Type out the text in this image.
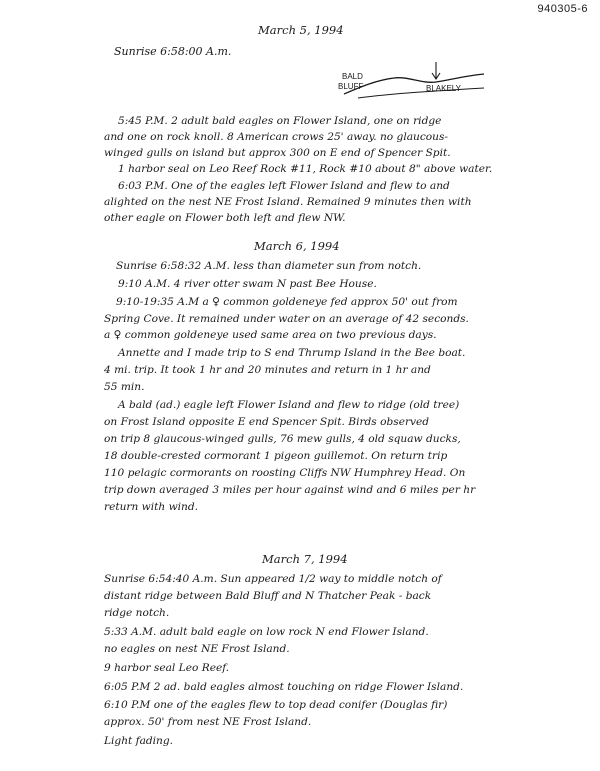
940305-6
March 5, 1994
Sunrise 6:58:00 A.m.
BALD
BLUFF	BLAKELY
5:45 P.M. 2 adult bald eagles on Flower Island, one on ridge
and one on rock knoll. 8 American crows 25' away. no glaucous-
winged gulls on island but approx 300 on E end of Spencer Spit.
1 harbor seal on Leo Reef Rock #11, Rock #10 about 8" above water.
6:03 P.M. One of the eagles left Flower Island and flew to and
alighted on the nest NE Frost Island. Remained 9 minutes then with
other eagle on Flower both left and flew NW.
March 6, 1994
Sunrise 6:58:32 A.M. less than diameter sun from notch.
9:10 A.M. 4 river otter swam N past Bee House.
9:10-19:35 A.M a ♀ common goldeneye fed approx 50' out from
Spring Cove. It remained under water on an average of 42 seconds.
a ♀ common goldeneye used same area on two previous days.
Annette and I made trip to S end Thrump Island in the Bee boat.
4 mi. trip. It took 1 hr and 20 minutes and return in 1 hr and
55 min.
A bald (ad.) eagle left Flower Island and flew to ridge (old tree)
on Frost Island opposite E end Spencer Spit. Birds observed
on trip 8 glaucous-winged gulls, 76 mew gulls, 4 old squaw ducks,
18 double-crested cormorant 1 pigeon guillemot. On return trip
110 pelagic cormorants on roosting Cliffs NW Humphrey Head. On
trip down averaged 3 miles per hour against wind and 6 miles per hr
return with wind.
March 7, 1994
Sunrise 6:54:40 A.m. Sun appeared 1/2 way to middle notch of
distant ridge between Bald Bluff and N Thatcher Peak - back
ridge notch.
5:33 A.M. adult bald eagle on low rock N end Flower Island.
no eagles on nest NE Frost Island.
9 harbor seal Leo Reef.
6:05 P.M 2 ad. bald eagles almost touching on ridge Flower Island.
6:10 P.M one of the eagles flew to top dead conifer (Douglas fir)
approx. 50' from nest NE Frost Island.
Light fading.
